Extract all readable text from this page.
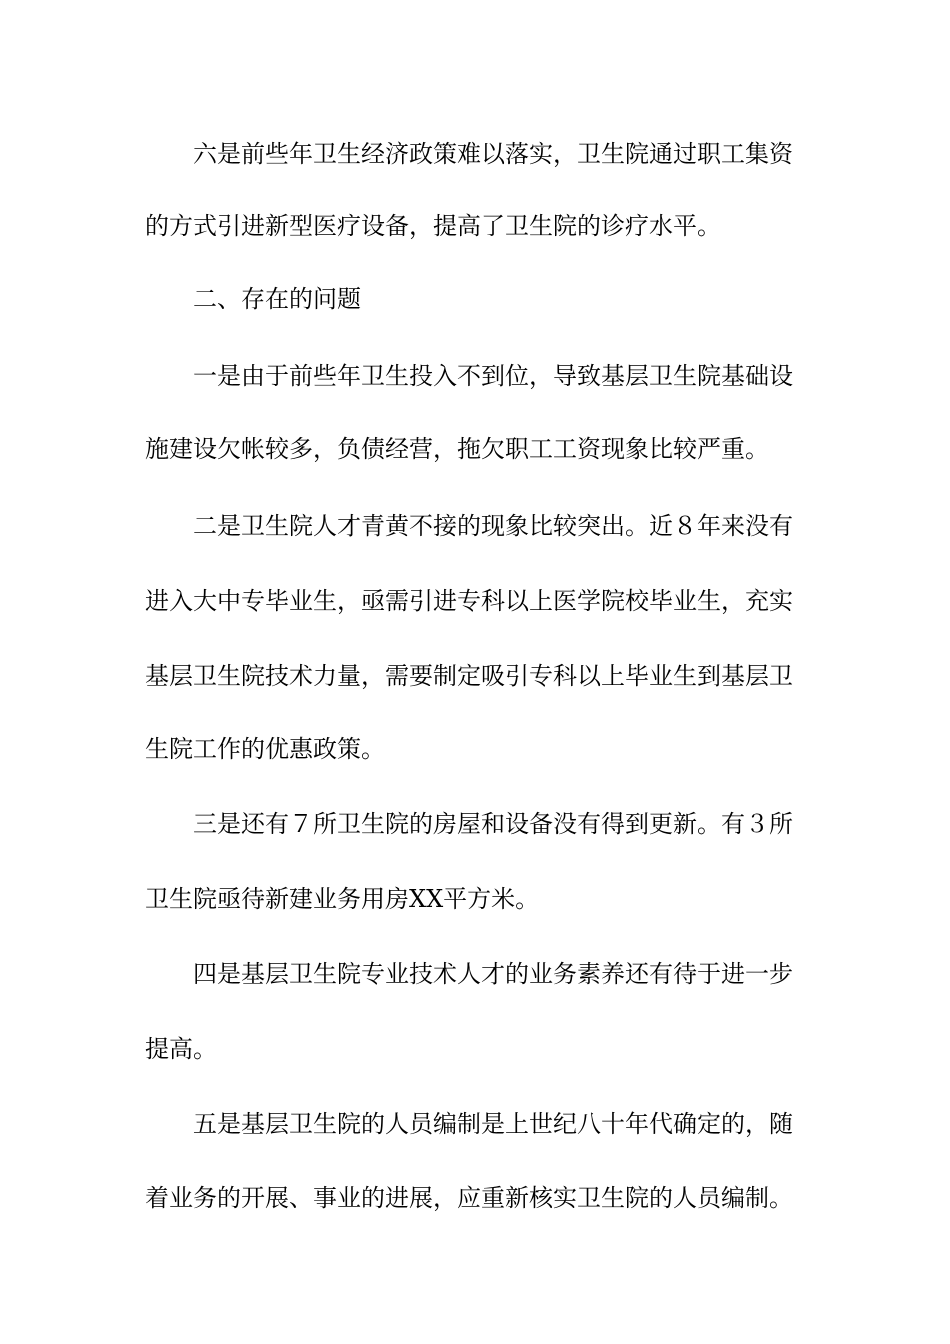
六是前些年卫生经济政策难以落实，卫生院通过职工集资
的方式引进新型医疗设备，提高了卫生院的诊疗水平。
二、存在的问题
一是由于前些年卫生投入不到位，导致基层卫生院基础设
施建设欠帐较多，负债经营，拖欠职工工资现象比较严重。
二是卫生院人才青黄不接的现象比较突出。近８年来没有
进入大中专毕业生，亟需引进专科以上医学院校毕业生，充实
基层卫生院技术力量，需要制定吸引专科以上毕业生到基层卫
生院工作的优惠政策。
三是还有７所卫生院的房屋和设备没有得到更新。有３所
卫生院亟待新建业务用房XX平方米。
四是基层卫生院专业技术人才的业务素养还有待于进一步
提高。
五是基层卫生院的人员编制是上世纪八十年代确定的，随
着业务的开展、事业的进展，应重新核实卫生院的人员编制。
